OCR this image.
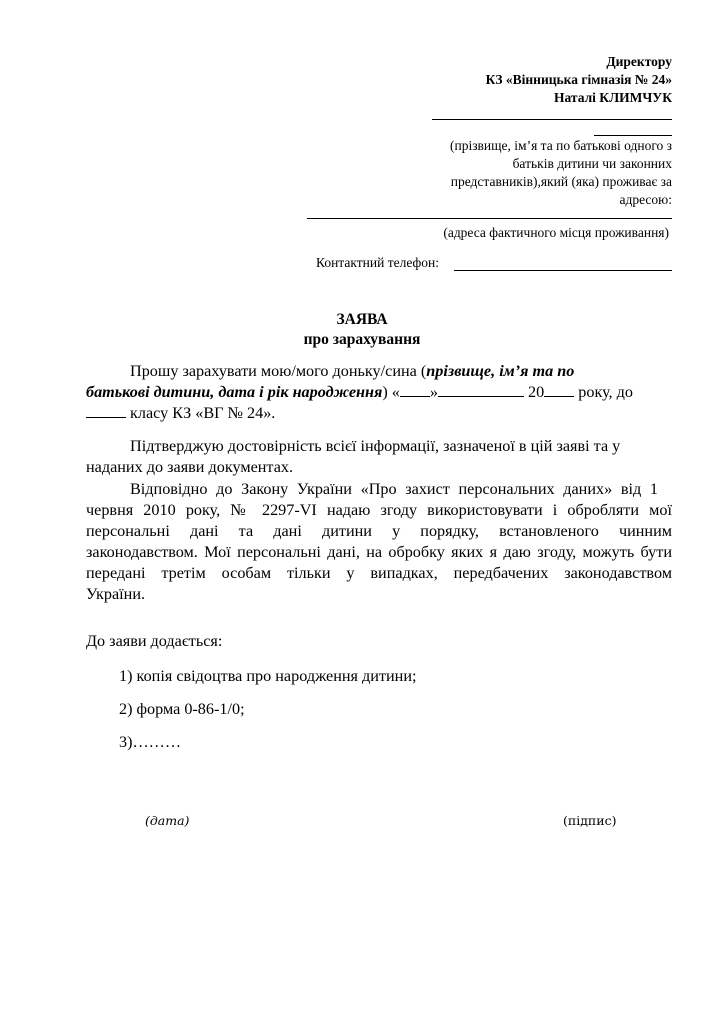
Директору
КЗ «Вінницька гімназія № 24»
Наталі КЛИМЧУК
(прізвище, ім’я та по батькові одного з
батьків дитини чи законних
представників),який (яка) проживає за
адресою:
(адреса фактичного місця проживання)
Контактний телефон:
ЗАЯВА
про зарахування
Прошу зарахувати мою/мого доньку/сина (прізвище, ім’я та по
батькові дитини, дата і рік народження) « »	20 року, до
класу КЗ «ВГ № 24».
Підтверджую достовірність всієї інформації, зазначеної в цій заяві та у
наданих до заяви документах.
Відповідно до Закону України «Про захист персональних даних» від 1
червня 2010 року, № 2297-VI надаю згоду використовувати і обробляти мої
персональні дані та дані дитини у порядку, встановленого чинним
законодавством. Мої персональні дані, на обробку яких я даю згоду, можуть бути
передані третім особам тільки у випадках, передбачених законодавством
України.
До заяви додається:
1) копія свідоцтва про народження дитини;
2) форма 0-86-1/0;
3)………
(дата)	(підпис)
